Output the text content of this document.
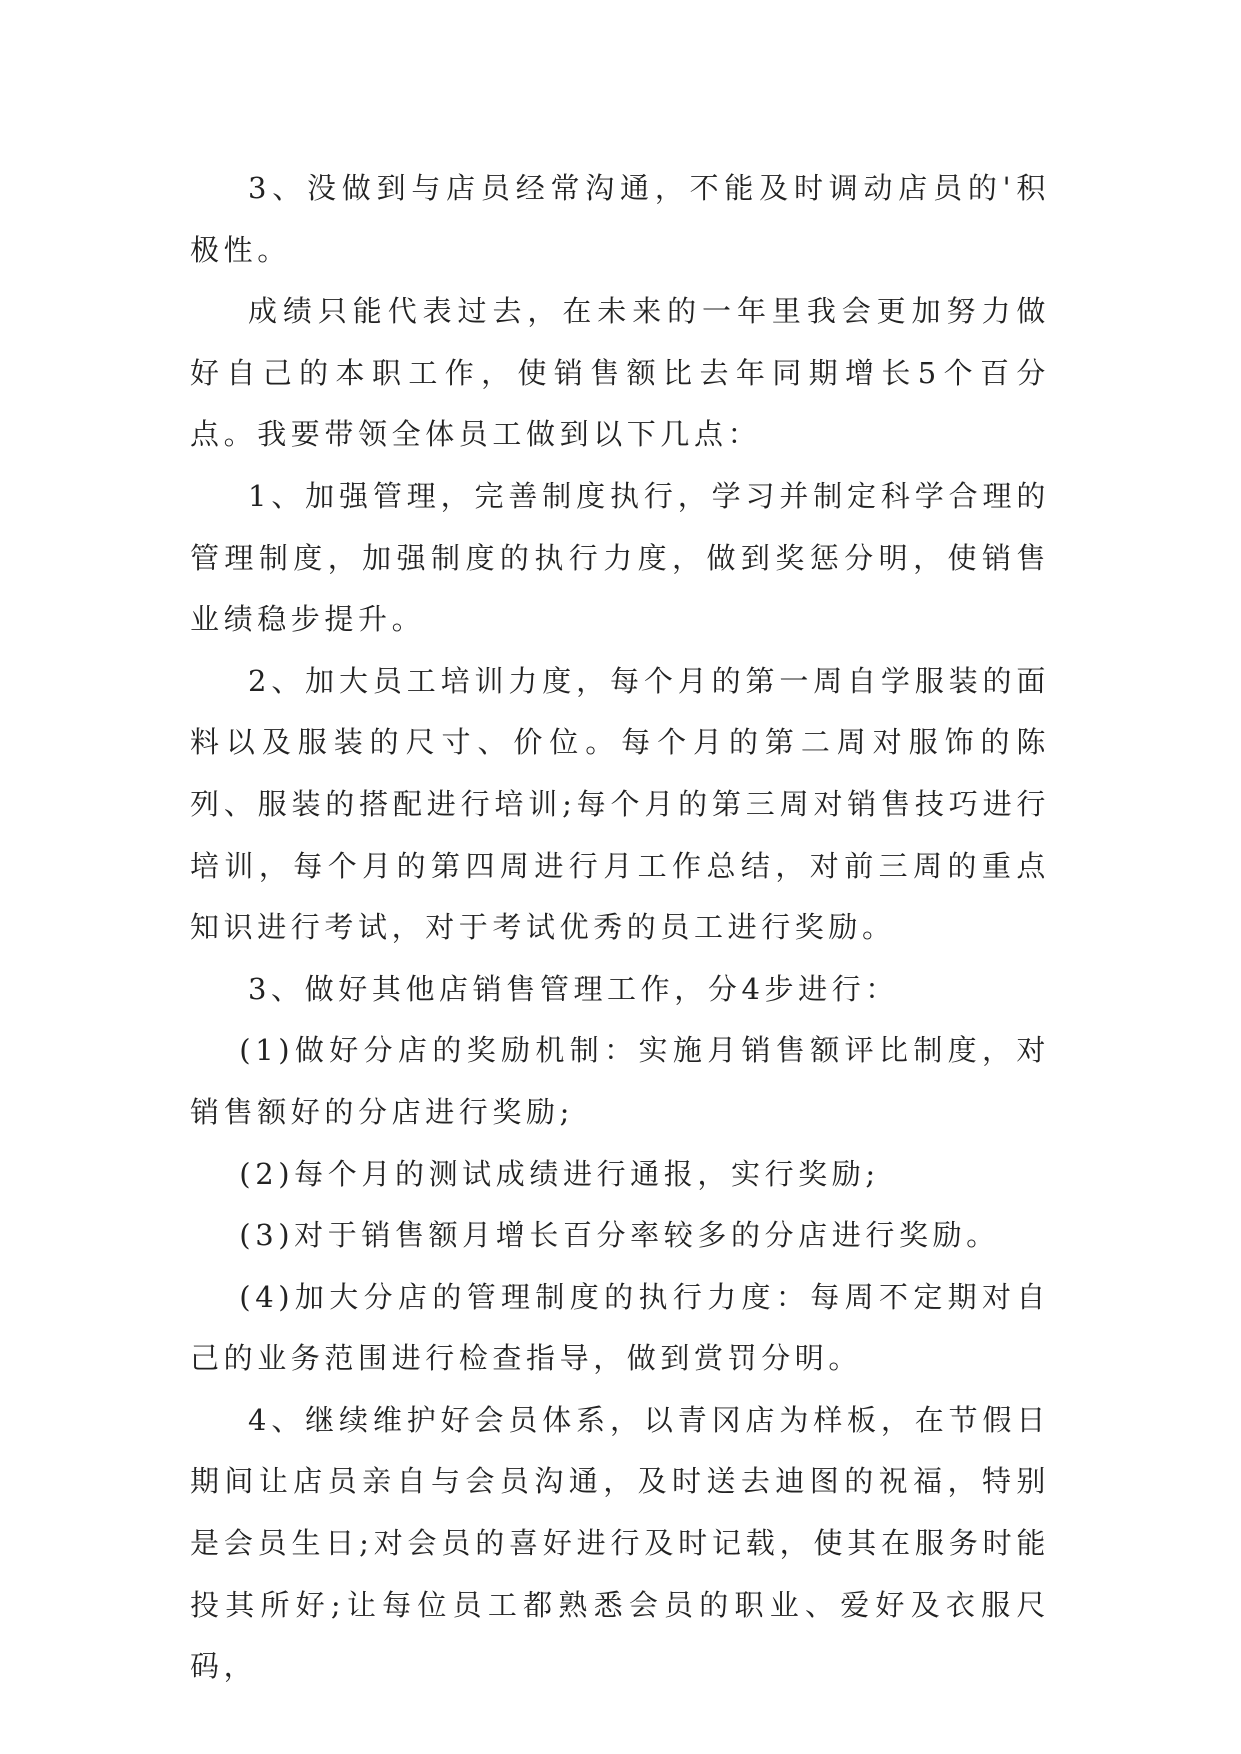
3、没做到与店员经常沟通，不能及时调动店员的'积极性。

成绩只能代表过去，在未来的一年里我会更加努力做好自己的本职工作，使销售额比去年同期增长5个百分点。我要带领全体员工做到以下几点：

1、加强管理，完善制度执行，学习并制定科学合理的管理制度，加强制度的执行力度，做到奖惩分明，使销售业绩稳步提升。

2、加大员工培训力度，每个月的第一周自学服装的面料以及服装的尺寸、价位。每个月的第二周对服饰的陈列、服装的搭配进行培训;每个月的第三周对销售技巧进行培训，每个月的第四周进行月工作总结，对前三周的重点知识进行考试，对于考试优秀的员工进行奖励。

3、做好其他店销售管理工作，分4步进行：

(1)做好分店的奖励机制：实施月销售额评比制度，对销售额好的分店进行奖励;

(2)每个月的测试成绩进行通报，实行奖励;

(3)对于销售额月增长百分率较多的分店进行奖励。

(4)加大分店的管理制度的执行力度：每周不定期对自己的业务范围进行检查指导，做到赏罚分明。

4、继续维护好会员体系，以青冈店为样板，在节假日期间让店员亲自与会员沟通，及时送去迪图的祝福，特别是会员生日;对会员的喜好进行及时记载，使其在服务时能投其所好;让每位员工都熟悉会员的职业、爱好及衣服尺码，
